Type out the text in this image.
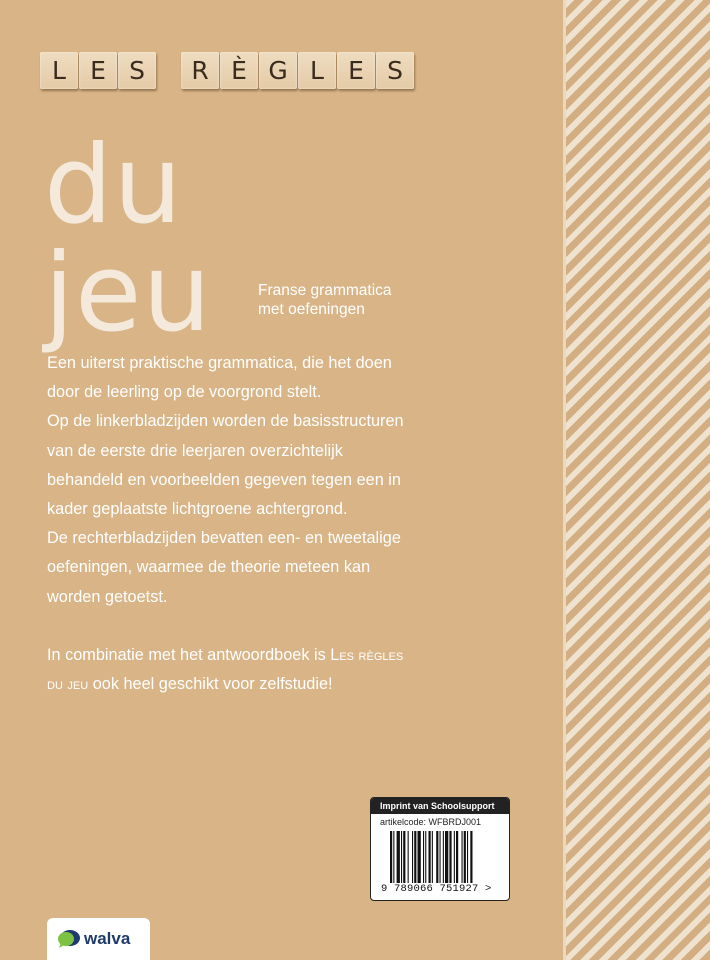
L E S	R È G L E S
du jeu	Franse grammatica
met oefeningen
Een uiterst praktische grammatica, die het doen
door de leerling op de voorgrond stelt.
Op de linkerbladzijden worden de basisstructuren
van de eerste drie leerjaren overzichtelijk
behandeld en voorbeelden gegeven tegen een in
kader geplaatste lichtgroene achtergrond.
De rechterbladzijden bevatten een- en tweetalige
oefeningen, waarmee de theorie meteen kan
worden getoetst.
In combinatie met het antwoordboek is Les règles
du jeu ook heel geschikt voor zelfstudie!
Imprint van Schoolsupport
artikelcode: WFBRDJ001
9 789066 751927 >
walva
